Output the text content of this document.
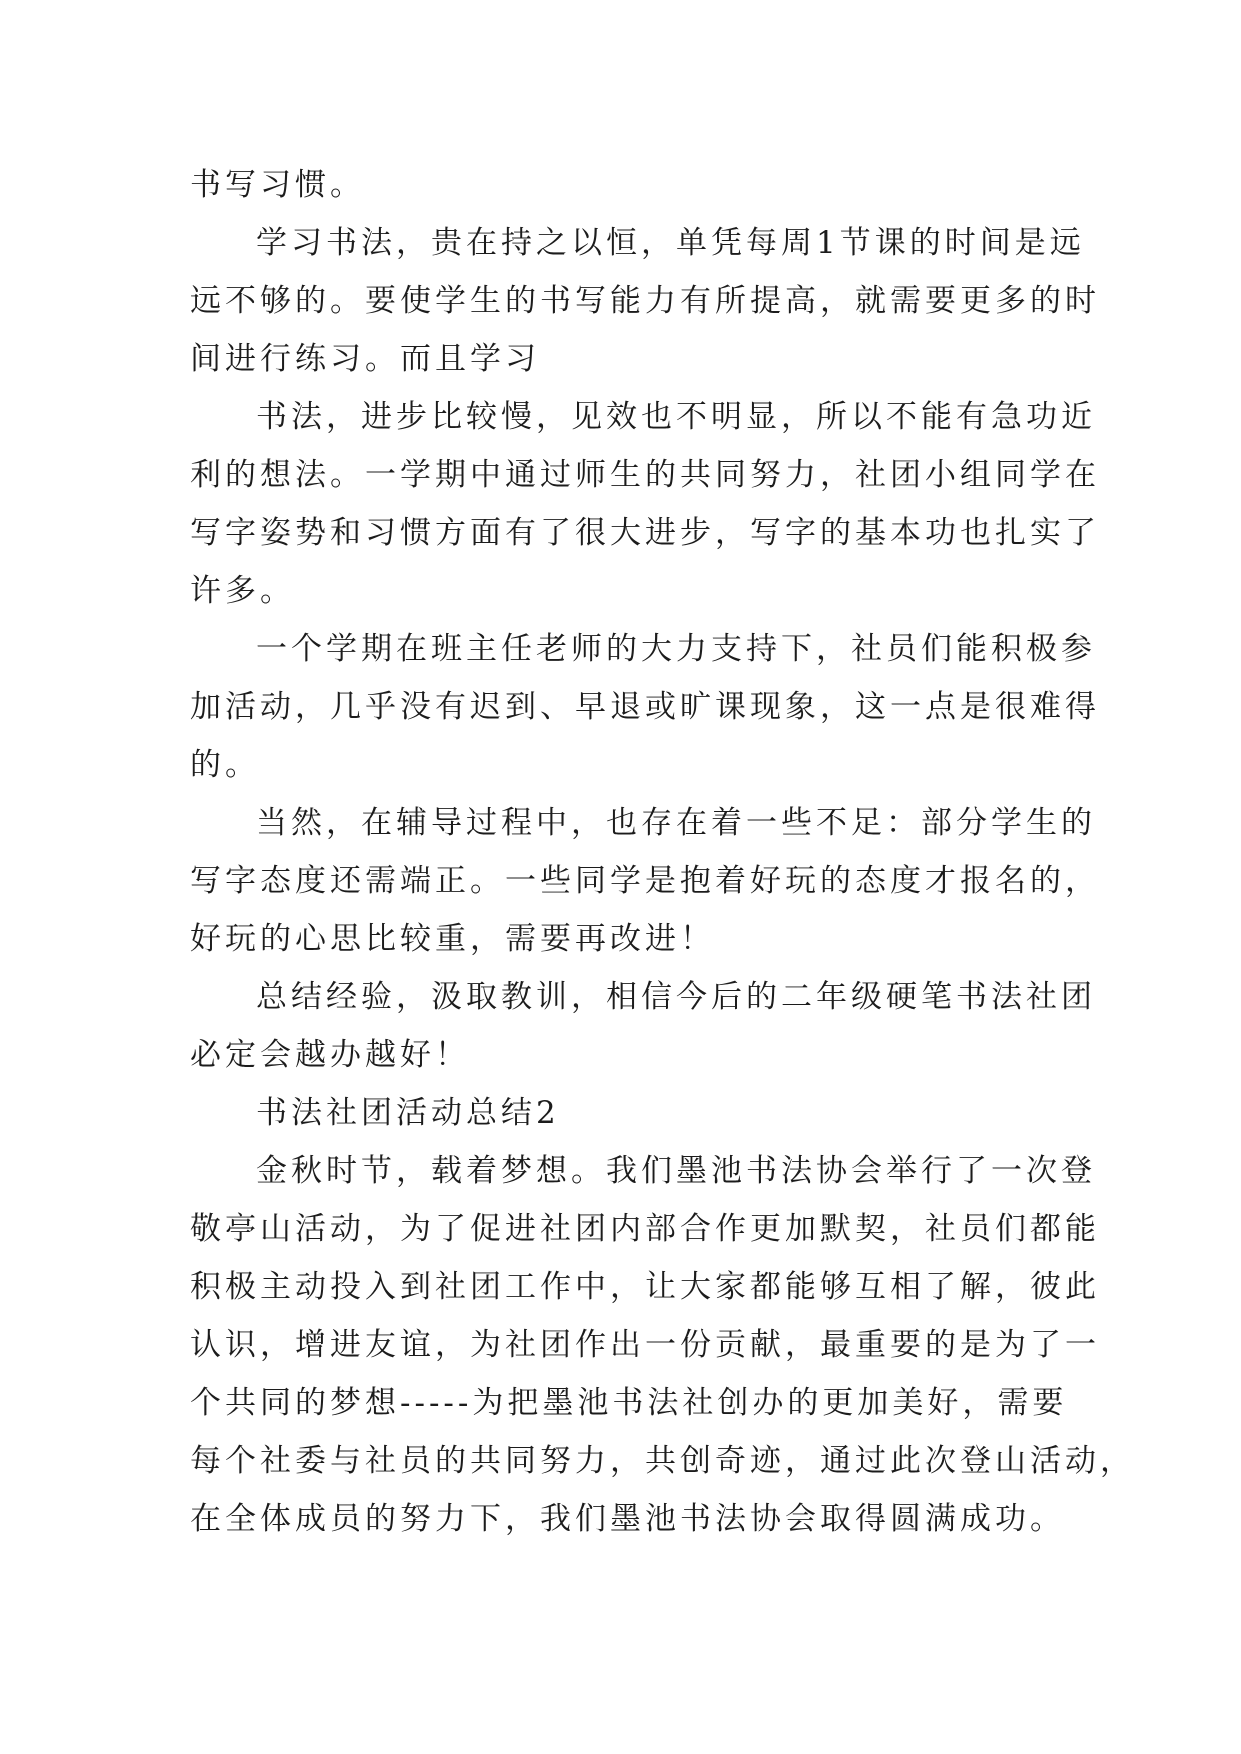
书写习惯。
学习书法，贵在持之以恒，单凭每周1节课的时间是远
远不够的。要使学生的书写能力有所提高，就需要更多的时
间进行练习。而且学习
书法，进步比较慢，见效也不明显，所以不能有急功近
利的想法。一学期中通过师生的共同努力，社团小组同学在
写字姿势和习惯方面有了很大进步，写字的基本功也扎实了
许多。
一个学期在班主任老师的大力支持下，社员们能积极参
加活动，几乎没有迟到、早退或旷课现象，这一点是很难得
的。
当然，在辅导过程中，也存在着一些不足：部分学生的
写字态度还需端正。一些同学是抱着好玩的态度才报名的，
好玩的心思比较重，需要再改进！
总结经验，汲取教训，相信今后的二年级硬笔书法社团
必定会越办越好！
书法社团活动总结2
金秋时节，载着梦想。我们墨池书法协会举行了一次登
敬亭山活动，为了促进社团内部合作更加默契，社员们都能
积极主动投入到社团工作中，让大家都能够互相了解，彼此
认识，增进友谊，为社团作出一份贡献，最重要的是为了一
个共同的梦想-----为把墨池书法社创办的更加美好，需要
每个社委与社员的共同努力，共创奇迹，通过此次登山活动，
在全体成员的努力下，我们墨池书法协会取得圆满成功。
